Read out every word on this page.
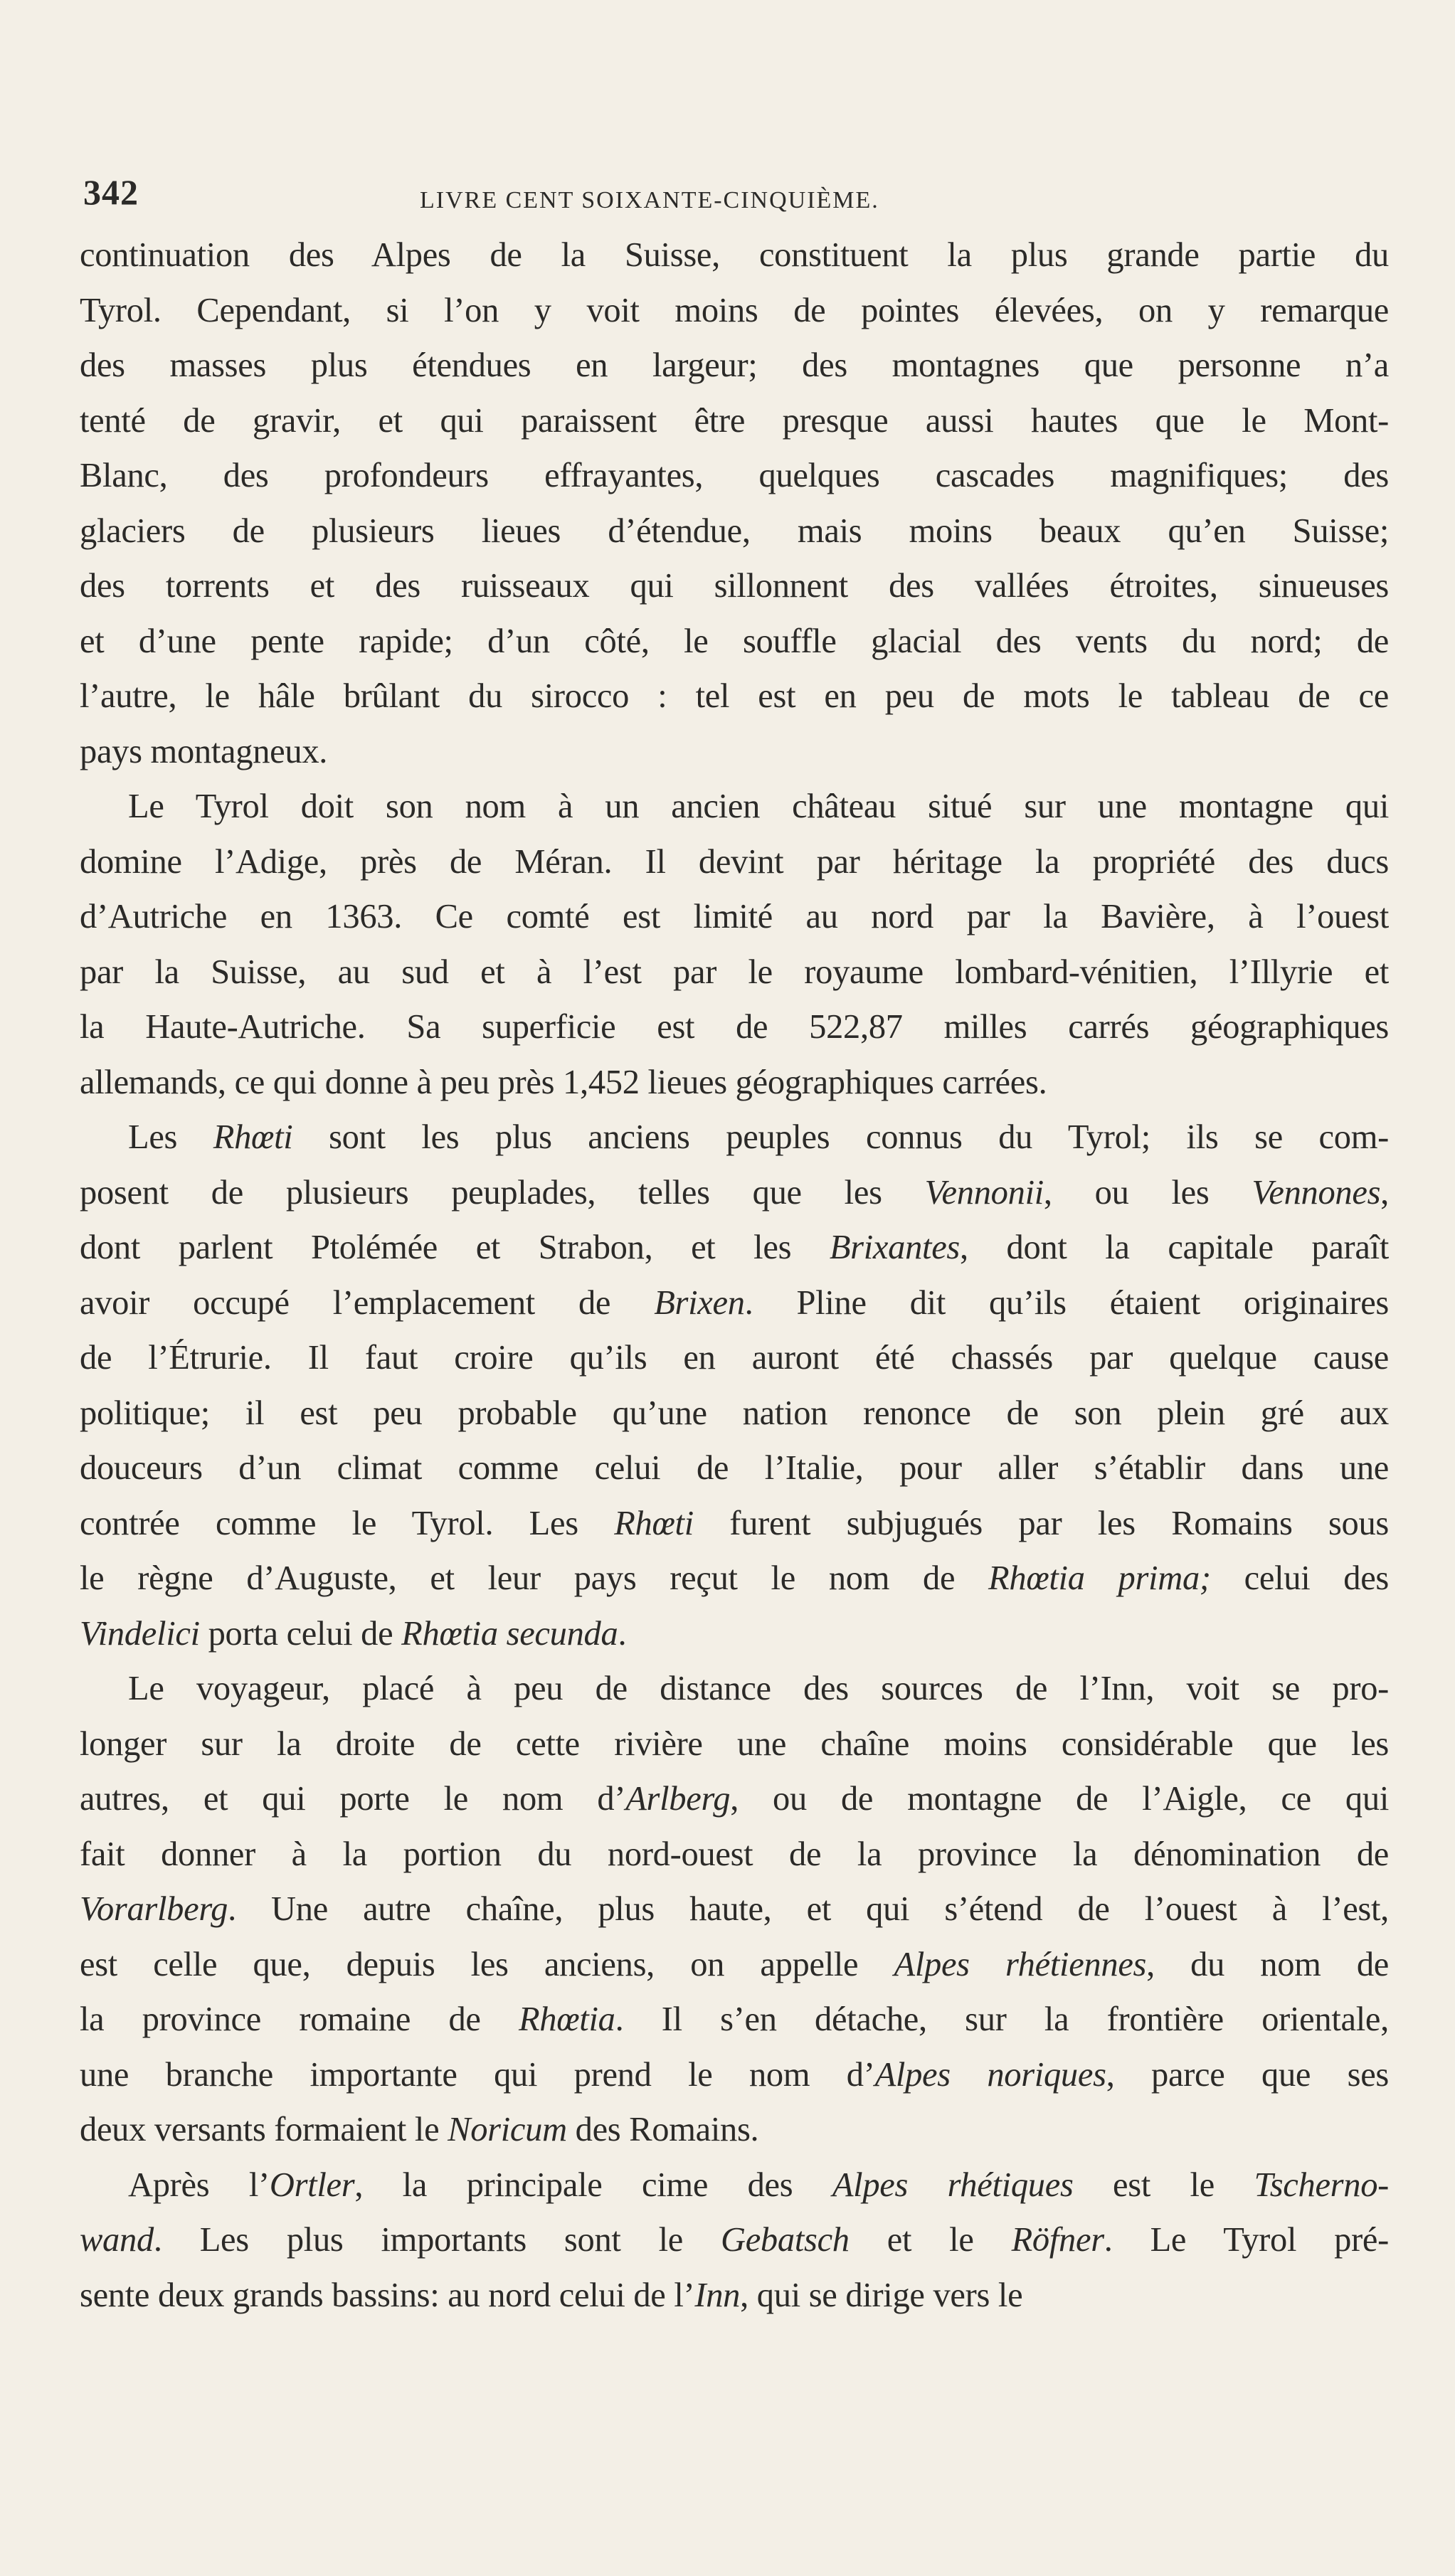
342	LIVRE CENT SOIXANTE-CINQUIÈME.
continuation des Alpes de la Suisse, constituent la plus grande partie du
Tyrol. Cependant, si l’on y voit moins de pointes élevées, on y remarque
des masses plus étendues en largeur; des montagnes que personne n’a
tenté de gravir, et qui paraissent être presque aussi hautes que le Mont-
Blanc, des profondeurs effrayantes, quelques cascades magnifiques; des
glaciers de plusieurs lieues d’étendue, mais moins beaux qu’en Suisse;
des torrents et des ruisseaux qui sillonnent des vallées étroites, sinueuses
et d’une pente rapide; d’un côté, le souffle glacial des vents du nord; de
l’autre, le hâle brûlant du sirocco : tel est en peu de mots le tableau de ce
pays montagneux.
Le Tyrol doit son nom à un ancien château situé sur une montagne qui
domine l’Adige, près de Méran. Il devint par héritage la propriété des ducs
d’Autriche en 1363. Ce comté est limité au nord par la Bavière, à l’ouest
par la Suisse, au sud et à l’est par le royaume lombard-vénitien, l’Illyrie et
la Haute-Autriche. Sa superficie est de 522,87 milles carrés géographiques
allemands, ce qui donne à peu près 1,452 lieues géographiques carrées.
Les Rhœti sont les plus anciens peuples connus du Tyrol; ils se com-
posent de plusieurs peuplades, telles que les Vennonii, ou les Vennones,
dont parlent Ptolémée et Strabon, et les Brixantes, dont la capitale paraît
avoir occupé l’emplacement de Brixen. Pline dit qu’ils étaient originaires
de l’Étrurie. Il faut croire qu’ils en auront été chassés par quelque cause
politique; il est peu probable qu’une nation renonce de son plein gré aux
douceurs d’un climat comme celui de l’Italie, pour aller s’établir dans une
contrée comme le Tyrol. Les Rhœti furent subjugués par les Romains sous
le règne d’Auguste, et leur pays reçut le nom de Rhœtia prima; celui des
Vindelici porta celui de Rhœtia secunda.
Le voyageur, placé à peu de distance des sources de l’Inn, voit se pro-
longer sur la droite de cette rivière une chaîne moins considérable que les
autres, et qui porte le nom d’Arlberg, ou de montagne de l’Aigle, ce qui
fait donner à la portion du nord-ouest de la province la dénomination de
Vorarlberg. Une autre chaîne, plus haute, et qui s’étend de l’ouest à l’est,
est celle que, depuis les anciens, on appelle Alpes rhétiennes, du nom de
la province romaine de Rhœtia. Il s’en détache, sur la frontière orientale,
une branche importante qui prend le nom d’Alpes noriques, parce que ses
deux versants formaient le Noricum des Romains.
Après l’Ortler, la principale cime des Alpes rhétiques est le Tscherno-
wand. Les plus importants sont le Gebatsch et le Röfner. Le Tyrol pré-
sente deux grands bassins: au nord celui de l’Inn, qui se dirige vers le
